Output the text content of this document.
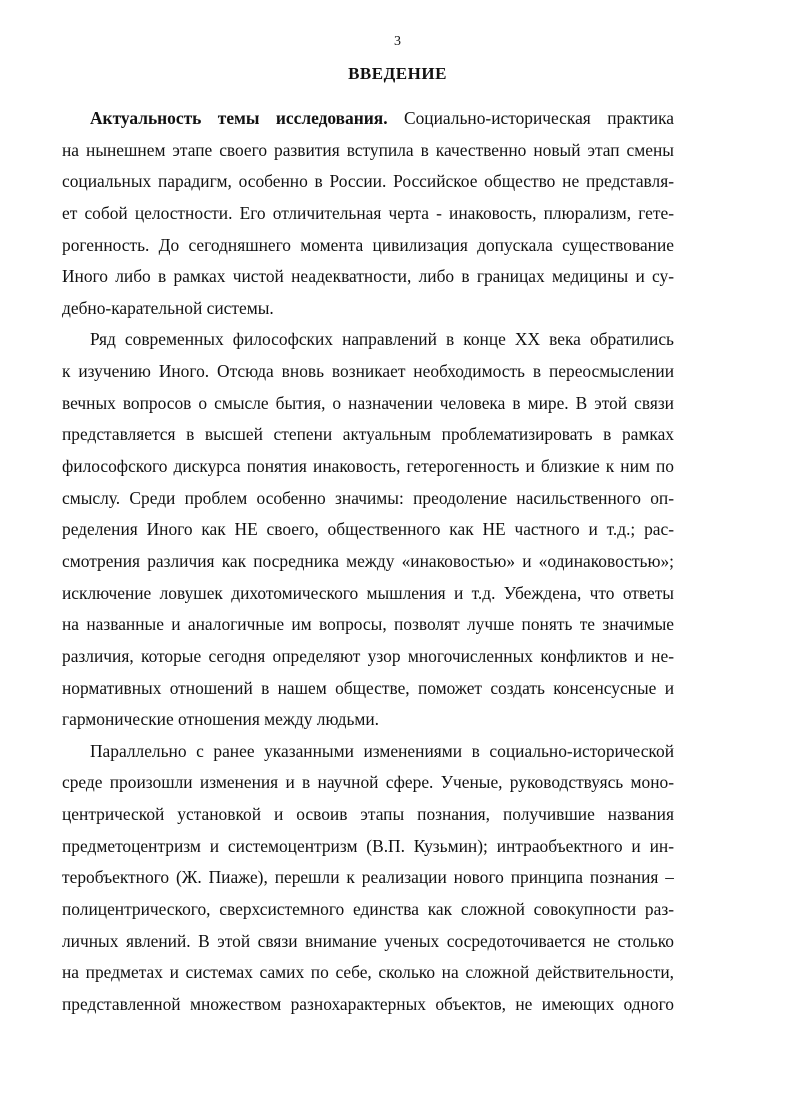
3
ВВЕДЕНИЕ
Актуальность темы исследования. Социально-историческая практика
на нынешнем этапе своего развития вступила в качественно новый этап смены
социальных парадигм, особенно в России. Российское общество не представля-
ет собой целостности. Его отличительная черта - инаковость, плюрализм, гете-
рогенность. До сегодняшнего момента цивилизация допускала существование
Иного либо в рамках чистой неадекватности, либо в границах медицины и су-
дебно-карательной системы.
Ряд современных философских направлений в конце XX века обратились
к изучению Иного. Отсюда вновь возникает необходимость в переосмыслении
вечных вопросов о смысле бытия, о назначении человека в мире. В этой связи
представляется в высшей степени актуальным проблематизировать в рамках
философского дискурса понятия инаковость, гетерогенность и близкие к ним по
смыслу. Среди проблем особенно значимы: преодоление насильственного оп-
ределения Иного как НЕ своего, общественного как НЕ частного и т.д.; рас-
смотрения различия как посредника между «инаковостью» и «одинаковостью»;
исключение ловушек дихотомического мышления и т.д. Убеждена, что ответы
на названные и аналогичные им вопросы, позволят лучше понять те значимые
различия, которые сегодня определяют узор многочисленных конфликтов и не-
нормативных отношений в нашем обществе, поможет создать консенсусные и
гармонические отношения между людьми.
Параллельно с ранее указанными изменениями в социально-исторической
среде произошли изменения и в научной сфере. Ученые, руководствуясь моно-
центрической установкой и освоив этапы познания, получившие названия
предметоцентризм и системоцентризм (В.П. Кузьмин); интраобъектного и ин-
теробъектного (Ж. Пиаже), перешли к реализации нового принципа познания –
полицентрического, сверхсистемного единства как сложной совокупности раз-
личных явлений. В этой связи внимание ученых сосредоточивается не столько
на предметах и системах самих по себе, сколько на сложной действительности,
представленной множеством разнохарактерных объектов, не имеющих одного
